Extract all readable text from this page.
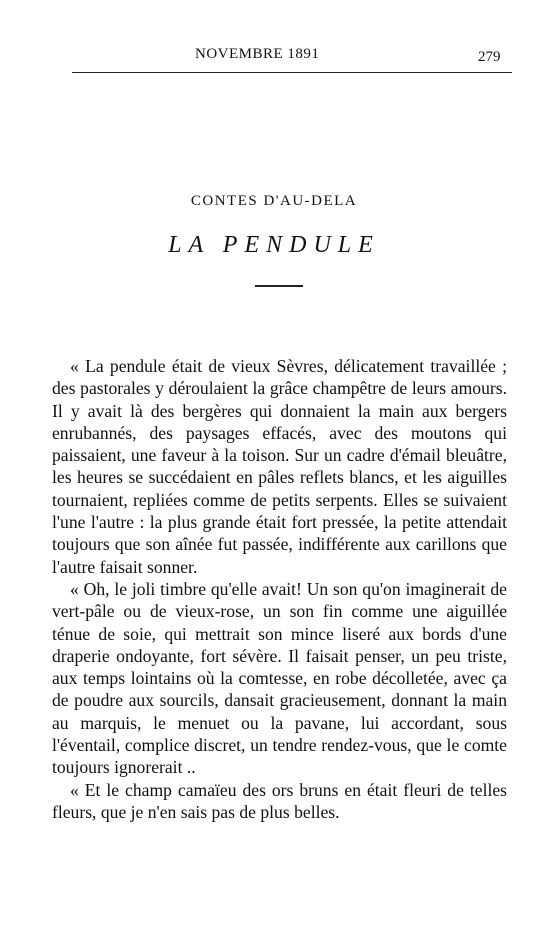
NOVEMBRE 1891	279
CONTES D'AU-DELA
LA PENDULE

« La pendule était de vieux Sèvres, délicatement travaillée ; des pastorales y déroulaient la grâce champêtre de leurs amours. Il y avait là des bergères qui donnaient la main aux bergers enrubannés, des paysages effacés, avec des moutons qui paissaient, une faveur à la toison. Sur un cadre d'émail bleuâtre, les heures se succédaient en pâles reflets blancs, et les aiguilles tournaient, repliées comme de petits serpents. Elles se suivaient l'une l'autre : la plus grande était fort pressée, la petite attendait toujours que son aînée fut passée, indifférente aux carillons que l'autre faisait sonner.

« Oh, le joli timbre qu'elle avait! Un son qu'on imaginerait de vert-pâle ou de vieux-rose, un son fin comme une aiguillée ténue de soie, qui mettrait son mince liseré aux bords d'une draperie ondoyante, fort sévère. Il faisait penser, un peu triste, aux temps lointains où la comtesse, en robe décolletée, avec ça de poudre aux sourcils, dansait gracieusement, donnant la main au marquis, le menuet ou la pavane, lui accordant, sous l'éventail, complice discret, un tendre rendez-vous, que le comte toujours ignorerait ..

« Et le champ camaïeu des ors bruns en était fleuri de telles fleurs, que je n'en sais pas de plus belles.
